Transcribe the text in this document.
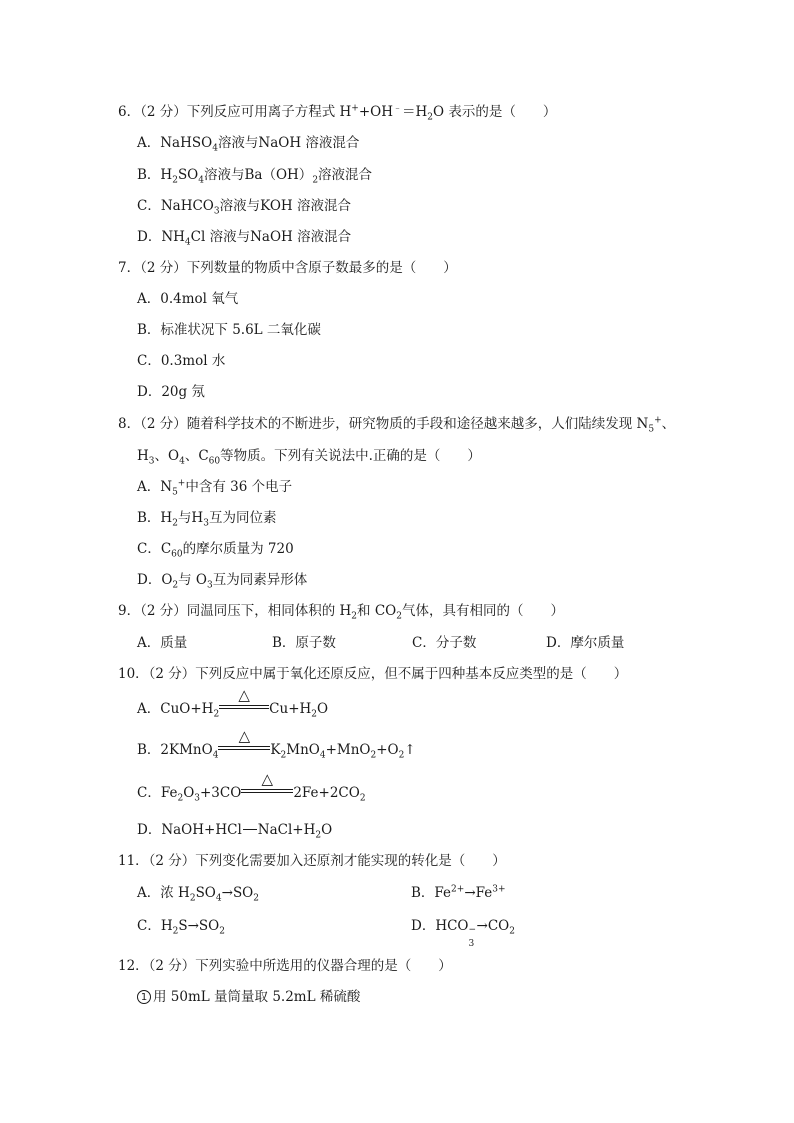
6．（2 分）下列反应可用离子方程式 $H^++OH^﹣=H_2O$ 表示的是（　　）
A．NaHSO$_4$溶液与NaOH 溶液混合
B．$H_2SO_4$溶液与$Ba(OH)_2$溶液混合
C．NaHCO$_3$溶液与KOH 溶液混合
D．$NH_4Cl$ 溶液与NaOH 溶液混合
7．（2 分）下列数量的物质中含原子数最多的是（　　）
A．0.4mol 氧气
B．标准状况下 5.6L 二氧化碳
C．0.3mol 水
D．20g 氖
8．（2 分）随着科学技术的不断进步，研究物质的手段和途径越来越多，人们陆续发现 $N_5^+$、
$H_3$、$O_4$、$C_{60}$等物质。下列有关说法中.正确的是（　　）
A．$N_5^+$中含有 36 个电子
B．$H_2$与$H_3$互为同位素
C．$C_{60}$的摩尔质量为 720
D．$O_2$与 $O_3$互为同素异形体
9．（2 分）同温同压下，相同体积的 $H_2$和 $CO_2$气体，具有相同的（　　）
A．质量	B．原子数	C．分子数	D．摩尔质量
10．（2 分）下列反应中属于氧化还原反应，但不属于四种基本反应类型的是（　　）
A．$CuO+H_2$
△
$Cu+H_2O$
B．2KMnO$_4$
△
$K_2MnO_4+MnO_2+O_2↑$
C．$Fe_2O_3+3CO$
△
$2Fe+2CO_2$
D．NaOH+HCl $NaCl+H_2O$
11．（2 分）下列变化需要加入还原剂才能实现的转化是（　　）
A．浓 $H_2SO_4\to SO_2$	B．$Fe^{2+}\to Fe^{3+}$
C．$H_2S\to SO_2$	D．HCO −
3
$\to CO_2$
12．（2 分）下列实验中所选用的仪器合理的是（　　）
1 用 50mL 量筒量取 5.2mL 稀硫酸
